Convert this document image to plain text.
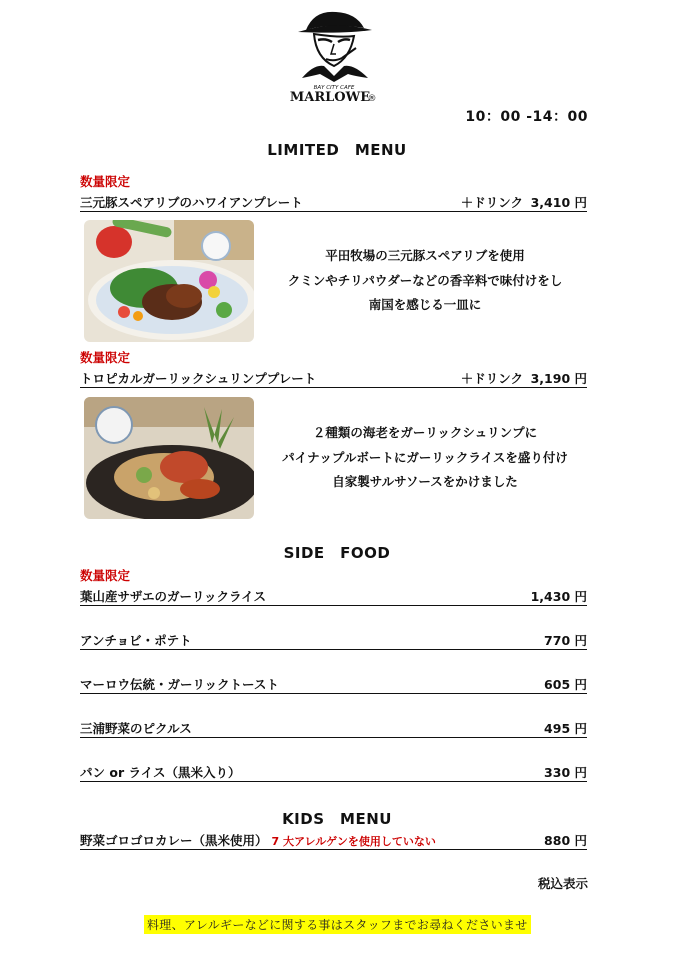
BAY CITY CAFE
MARLOWE
®
10：00 -14：00
LIMITED　MENU
数量限定
三元豚スペアリブのハワイアンプレート	＋ドリンク 3,410 円
平田牧場の三元豚スペアリブを使用
クミンやチリパウダーなどの香辛料で味付けをし
南国を感じる一皿に
数量限定
トロピカルガーリックシュリンププレート	＋ドリンク 3,190 円
２種類の海老をガーリックシュリンプに
パイナップルボートにガーリックライスを盛り付け
自家製サルサソースをかけました
SIDE　FOOD
数量限定
葉山産サザエのガーリックライス	1,430 円
アンチョビ・ポテト	770 円
マーロウ伝統・ガーリックトースト	605 円
三浦野菜のピクルス	495 円
パン or ライス（黒米入り）	330 円
KIDS　MENU
野菜ゴロゴロカレー（黒米使用） 7 大アレルゲンを使用していない	880 円
税込表示
料理、アレルギーなどに関する事はスタッフまでお尋ねくださいませ
